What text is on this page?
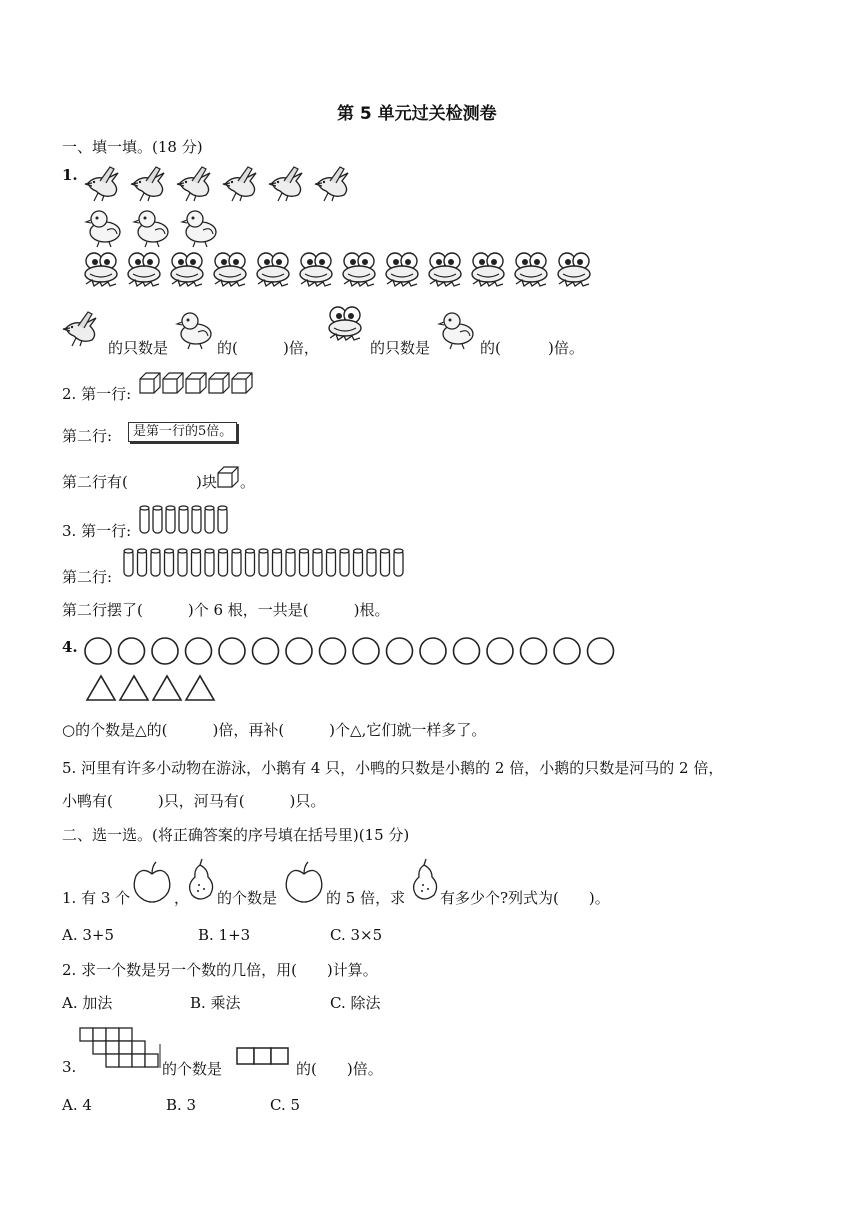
第 5 单元过关检测卷
一、填一填。(18 分)
1.
的只数是	的(	)倍，	的只数是	的(	)倍。
2. 第一行:
第二行:	是第一行的5倍。
第二行有(	)块 。
3. 第一行:
第二行:
第二行摆了(　　　)个 6 根，一共是(　　　)根。
4.
○的个数是△的(　　　)倍，再补(　　　)个△,它们就一样多了。
5. 河里有许多小动物在游泳，小鹅有 4 只，小鸭的只数是小鹅的 2 倍，小鹅的只数是河马的 2 倍，
小鸭有(　　　)只，河马有(　　　)只。
二、选一选。(将正确答案的序号填在括号里)(15 分)
1. 有 3 个	， 的个数是	的 5 倍，求 有多少个?列式为(　　)。
A. 3+5	B. 1+3	C. 3×5
2. 求一个数是另一个数的几倍，用(　　)计算。
A. 加法	B. 乘法	C. 除法
3.	的个数是	的(　　)倍。
A. 4	B. 3	C. 5
